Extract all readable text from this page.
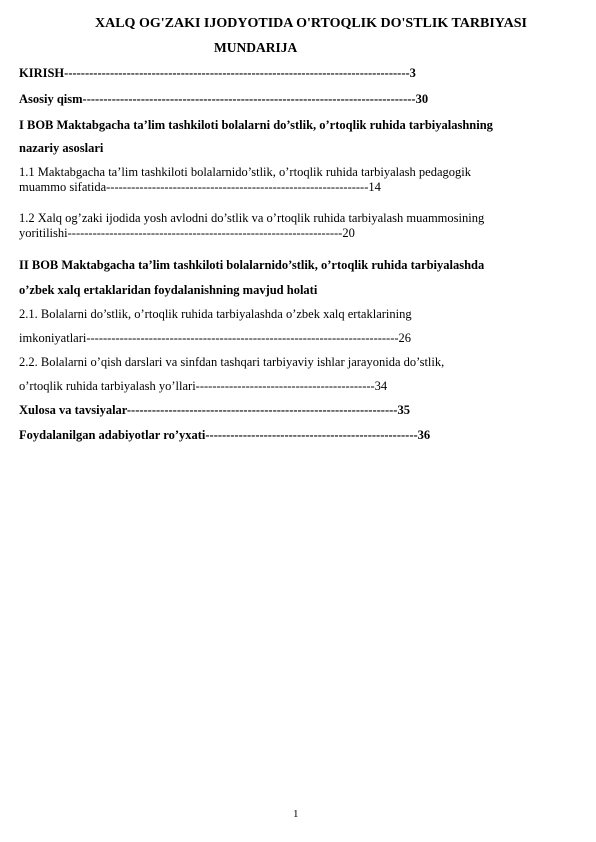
XALQ OG'ZAKI IJODYOTIDA O'RTOQLIK DO'STLIK TARBIYASI
MUNDARIJA
KIRISH-----------------------------------------------------------------------------------3
Asosiy qism--------------------------------------------------------------------------------30
I BOB Maktabgacha ta’lim tashkiloti bolalarni do’stlik, o’rtoqlik ruhida tarbiyalashning
nazariy asoslari
1.1 Maktabgacha ta’lim tashkiloti bolalarnido’stlik, o’rtoqlik ruhida tarbiyalash pedagogik
muammo sifatida---------------------------------------------------------------14
1.2 Xalq og’zaki ijodida yosh avlodni do’stlik va o’rtoqlik ruhida tarbiyalash muammosining
yoritilishi------------------------------------------------------------------20
II BOB Maktabgacha ta’lim tashkiloti bolalarnido’stlik, o’rtoqlik ruhida tarbiyalashda
o’zbek xalq ertaklaridan foydalanishning mavjud holati
2.1. Bolalarni do’stlik, o’rtoqlik ruhida tarbiyalashda o’zbek xalq ertaklarining
imkoniyatlari---------------------------------------------------------------------------26
2.2. Bolalarni o’qish darslari va sinfdan tashqari tarbiyaviy ishlar jarayonida do’stlik,
o’rtoqlik ruhida tarbiyalash yo’llari-------------------------------------------34
Xulosa va tavsiyalar-----------------------------------------------------------------35
Foydalanilgan adabiyotlar ro’yxati---------------------------------------------------36
1
